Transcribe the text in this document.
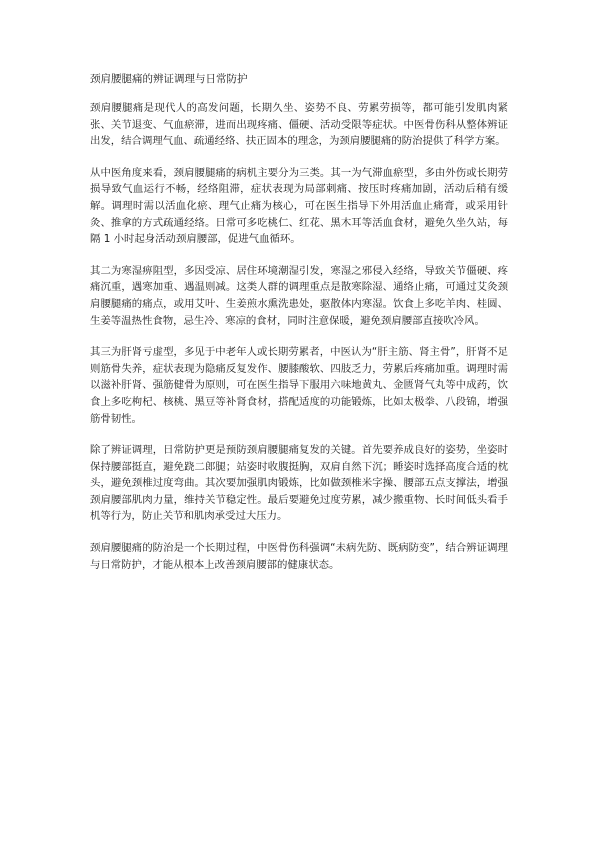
颈肩腰腿痛的辨证调理与日常防护

颈肩腰腿痛是现代人的高发问题，长期久坐、姿势不良、劳累劳损等，都可能引发肌肉紧张、关节退变、气血瘀滞，进而出现疼痛、僵硬、活动受限等症状。中医骨伤科从整体辨证出发，结合调理气血、疏通经络、扶正固本的理念，为颈肩腰腿痛的防治提供了科学方案。

从中医角度来看，颈肩腰腿痛的病机主要分为三类。其一为气滞血瘀型，多由外伤或长期劳损导致气血运行不畅，经络阻滞，症状表现为局部刺痛、按压时疼痛加剧，活动后稍有缓解。调理时需以活血化瘀、理气止痛为核心，可在医生指导下外用活血止痛膏，或采用针灸、推拿的方式疏通经络。日常可多吃桃仁、红花、黑木耳等活血食材，避免久坐久站，每隔 1 小时起身活动颈肩腰部，促进气血循环。

其二为寒湿痹阻型，多因受凉、居住环境潮湿引发，寒湿之邪侵入经络，导致关节僵硬、疼痛沉重，遇寒加重、遇温则减。这类人群的调理重点是散寒除湿、通络止痛，可通过艾灸颈肩腰腿痛的痛点，或用艾叶、生姜煎水熏洗患处，驱散体内寒湿。饮食上多吃羊肉、桂圆、生姜等温热性食物，忌生冷、寒凉的食材，同时注意保暖，避免颈肩腰部直接吹冷风。

其三为肝肾亏虚型，多见于中老年人或长期劳累者，中医认为“肝主筋、肾主骨”，肝肾不足则筋骨失养，症状表现为隐痛反复发作、腰膝酸软、四肢乏力，劳累后疼痛加重。调理时需以滋补肝肾、强筋健骨为原则，可在医生指导下服用六味地黄丸、金匮肾气丸等中成药，饮食上多吃枸杞、核桃、黑豆等补肾食材，搭配适度的功能锻炼，比如太极拳、八段锦，增强筋骨韧性。

除了辨证调理，日常防护更是预防颈肩腰腿痛复发的关键。首先要养成良好的姿势，坐姿时保持腰部挺直，避免跷二郎腿；站姿时收腹挺胸，双肩自然下沉；睡姿时选择高度合适的枕头，避免颈椎过度弯曲。其次要加强肌肉锻炼，比如做颈椎米字操、腰部五点支撑法，增强颈肩腰部肌肉力量，维持关节稳定性。最后要避免过度劳累，减少搬重物、长时间低头看手机等行为，防止关节和肌肉承受过大压力。

颈肩腰腿痛的防治是一个长期过程，中医骨伤科强调“未病先防、既病防变”，结合辨证调理与日常防护，才能从根本上改善颈肩腰部的健康状态。
